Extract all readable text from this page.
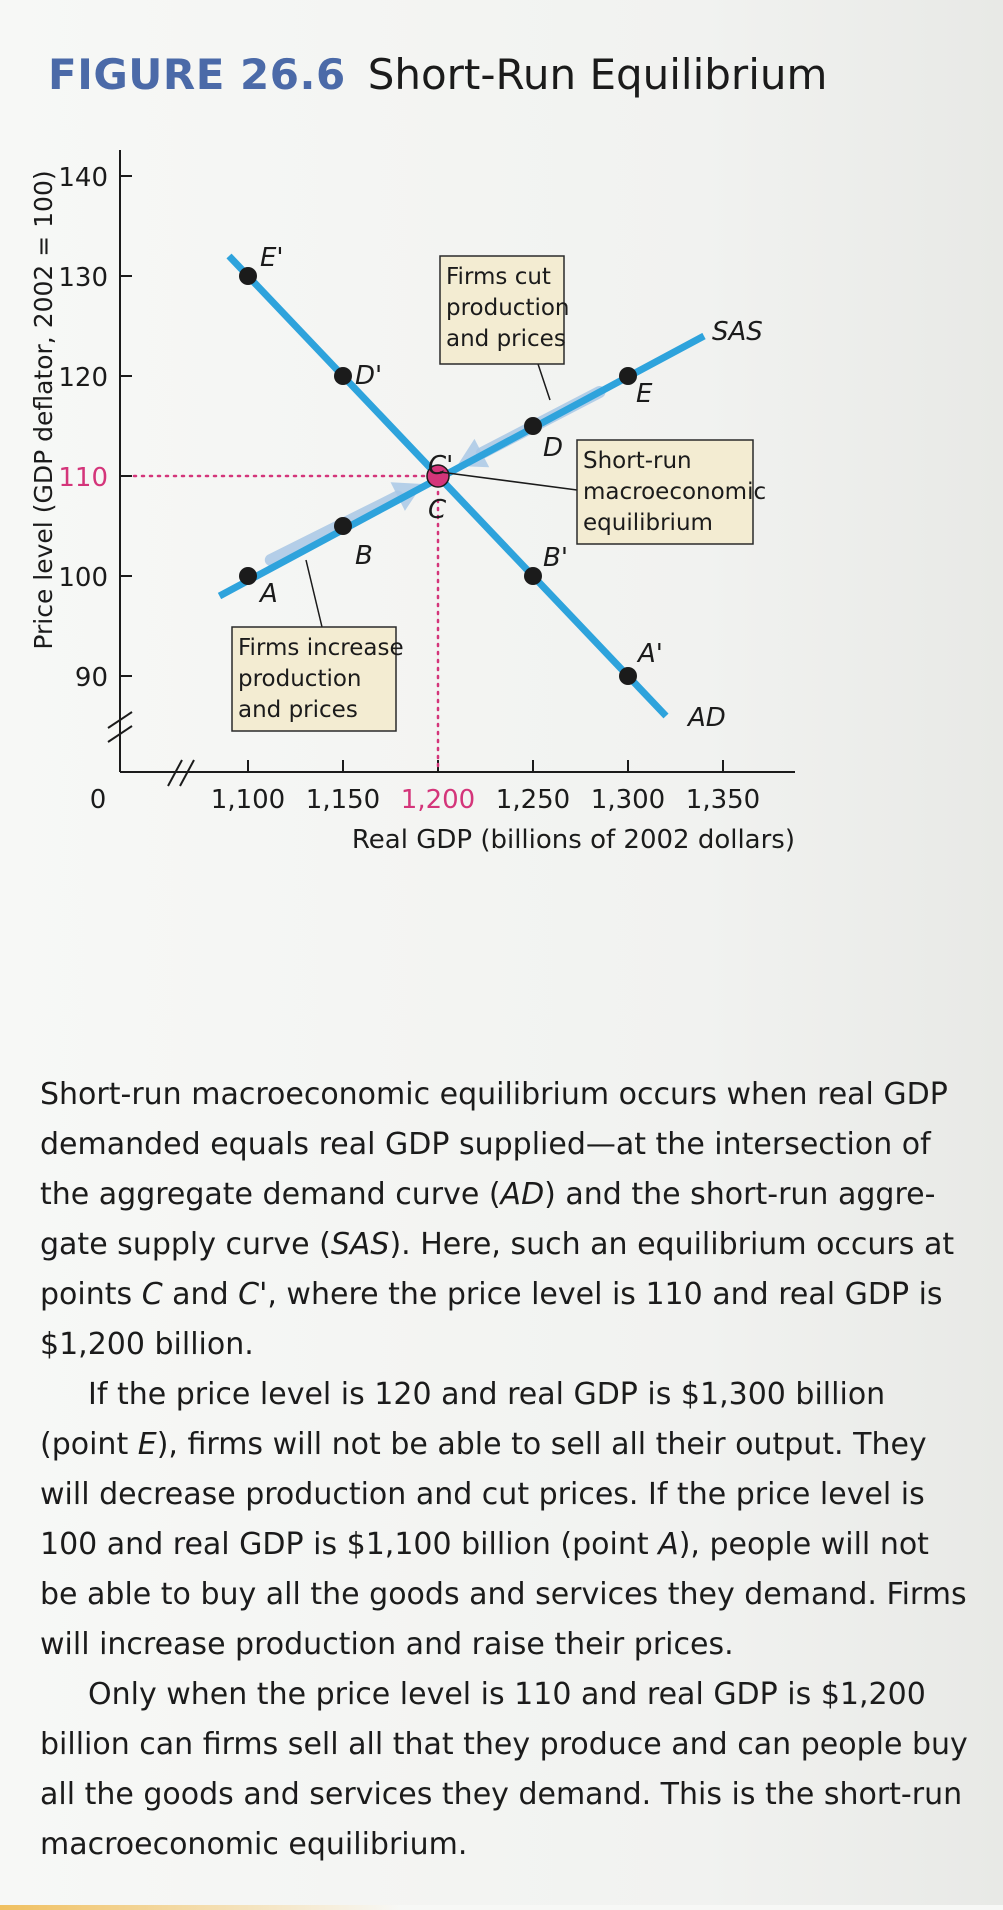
FIGURE 26.6 Short-Run Equilibrium
90
100
110
120
130
140
1,100 1,150 1,200 1,250 1,300 1,350
0
Real GDP (billions of 2002 dollars)
Price level (GDP deflator, 2002 = 100)
AD
SAS
E'
D'
C'
B'
A'
A
B
C
D
E
Firms cut
production
and prices
Short-run
macroeconomic
equilibrium
Firms increase
production
and prices

Short-run macroeconomic equilibrium occurs when real GDP demanded equals real GDP supplied—at the intersection of the aggregate demand curve (AD) and the short-run aggre- gate supply curve (SAS). Here, such an equilibrium occurs at points C and C', where the price level is 110 and real GDP is $1,200 billion.

If the price level is 120 and real GDP is $1,300 billion (point E), firms will not be able to sell all their output. They will decrease production and cut prices. If the price level is 100 and real GDP is $1,100 billion (point A), people will not be able to buy all the goods and services they demand. Firms will increase production and raise their prices.

Only when the price level is 110 and real GDP is $1,200 billion can firms sell all that they produce and can people buy all the goods and services they demand. This is the short-run macroeconomic equilibrium.
